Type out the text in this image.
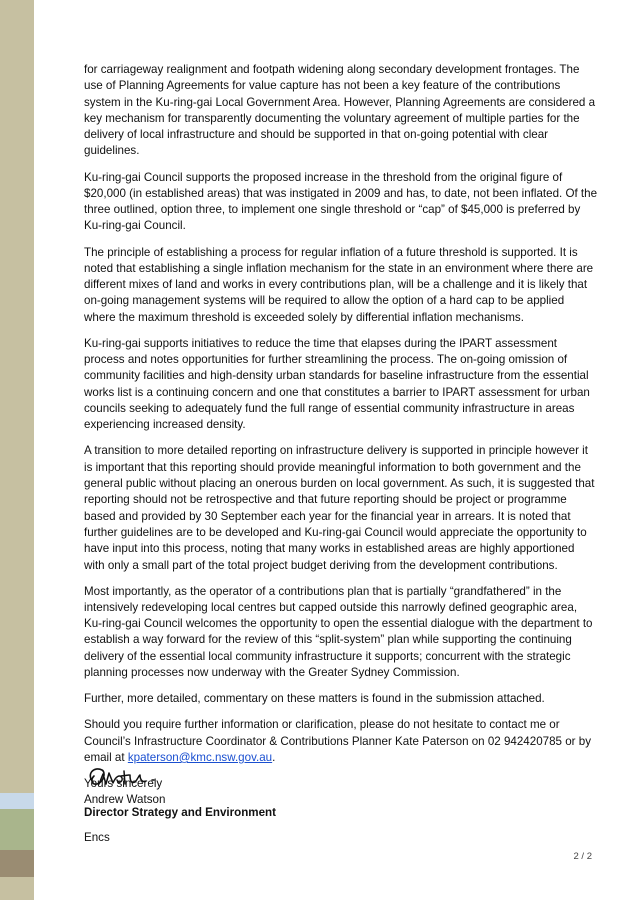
for carriageway realignment and footpath widening along secondary development frontages. The use of Planning Agreements for value capture has not been a key feature of the contributions system in the Ku-ring-gai Local Government Area. However, Planning Agreements are considered a key mechanism for transparently documenting the voluntary agreement of multiple parties for the delivery of local infrastructure and should be supported in that on-going potential with clear guidelines.

Ku-ring-gai Council supports the proposed increase in the threshold from the original figure of $20,000 (in established areas) that was instigated in 2009 and has, to date, not been inflated. Of the three outlined, option three, to implement one single threshold or “cap” of $45,000 is preferred by Ku-ring-gai Council.

The principle of establishing a process for regular inflation of a future threshold is supported. It is noted that establishing a single inflation mechanism for the state in an environment where there are different mixes of land and works in every contributions plan, will be a challenge and it is likely that on-going management systems will be required to allow the option of a hard cap to be applied where the maximum threshold is exceeded solely by differential inflation mechanisms.

Ku-ring-gai supports initiatives to reduce the time that elapses during the IPART assessment process and notes opportunities for further streamlining the process. The on-going omission of community facilities and high-density urban standards for baseline infrastructure from the essential works list is a continuing concern and one that constitutes a barrier to IPART assessment for urban councils seeking to adequately fund the full range of essential community infrastructure in areas experiencing increased density.

A transition to more detailed reporting on infrastructure delivery is supported in principle however it is important that this reporting should provide meaningful information to both government and the general public without placing an onerous burden on local government. As such, it is suggested that reporting should not be retrospective and that future reporting should be project or programme based and provided by 30 September each year for the financial year in arrears. It is noted that further guidelines are to be developed and Ku-ring-gai Council would appreciate the opportunity to have input into this process, noting that many works in established areas are highly apportioned with only a small part of the total project budget deriving from the development contributions.

Most importantly, as the operator of a contributions plan that is partially “grandfathered” in the intensively redeveloping local centres but capped outside this narrowly defined geographic area, Ku-ring-gai Council welcomes the opportunity to open the essential dialogue with the department to establish a way forward for the review of this “split-system” plan while supporting the continuing delivery of the essential local community infrastructure it supports; concurrent with the strategic planning processes now underway with the Greater Sydney Commission.

Further, more detailed, commentary on these matters is found in the submission attached.

Should you require further information or clarification, please do not hesitate to contact me or Council’s Infrastructure Coordinator & Contributions Planner Kate Paterson on 02 942420785 or by email at kpaterson@kmc.nsw.gov.au.

Yours sincerely

Andrew Watson
Director Strategy and Environment
Encs
2 / 2
